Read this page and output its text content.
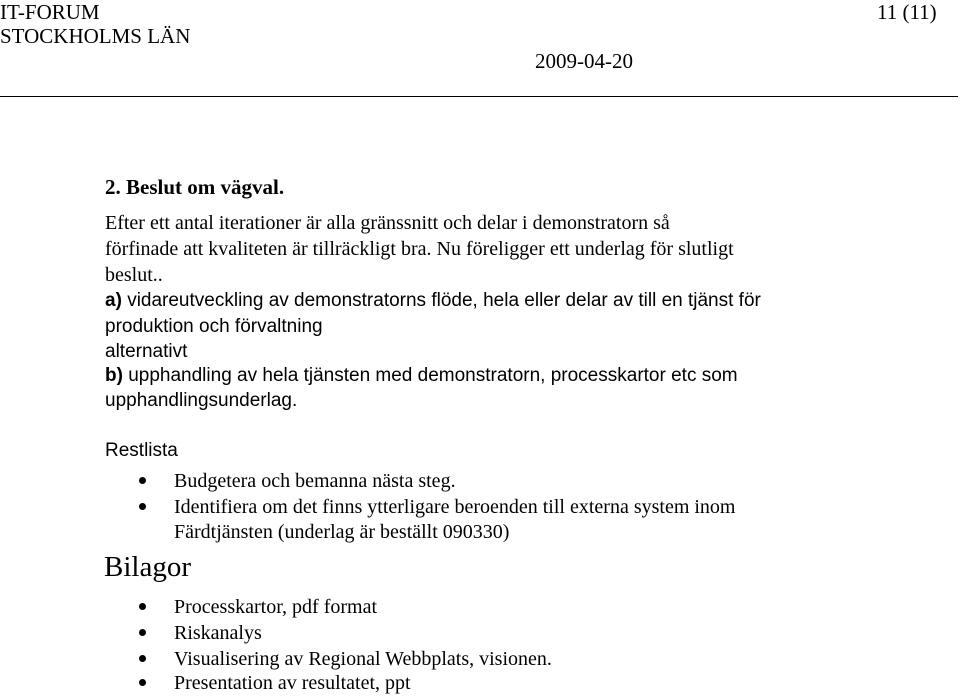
IT-FORUM
STOCKHOLMS LÄN
11 (11)
2009-04-20
2. Beslut om vägval.
Efter ett antal iterationer är alla gränssnitt och delar i demonstratorn så
förfinade att kvaliteten är tillräckligt bra. Nu föreligger ett underlag för slutligt
beslut..
a) vidareutveckling av demonstratorns flöde, hela eller delar av till en tjänst för
produktion och förvaltning
alternativt
b) upphandling av hela tjänsten med demonstratorn, processkartor etc som
upphandlingsunderlag.
Restlista
Budgetera och bemanna nästa steg.
Identifiera om det finns ytterligare beroenden till externa system inom
Färdtjänsten (underlag är beställt 090330)
Bilagor
Processkartor, pdf format
Riskanalys
Visualisering av Regional Webbplats, visionen.
Presentation av resultatet, ppt
